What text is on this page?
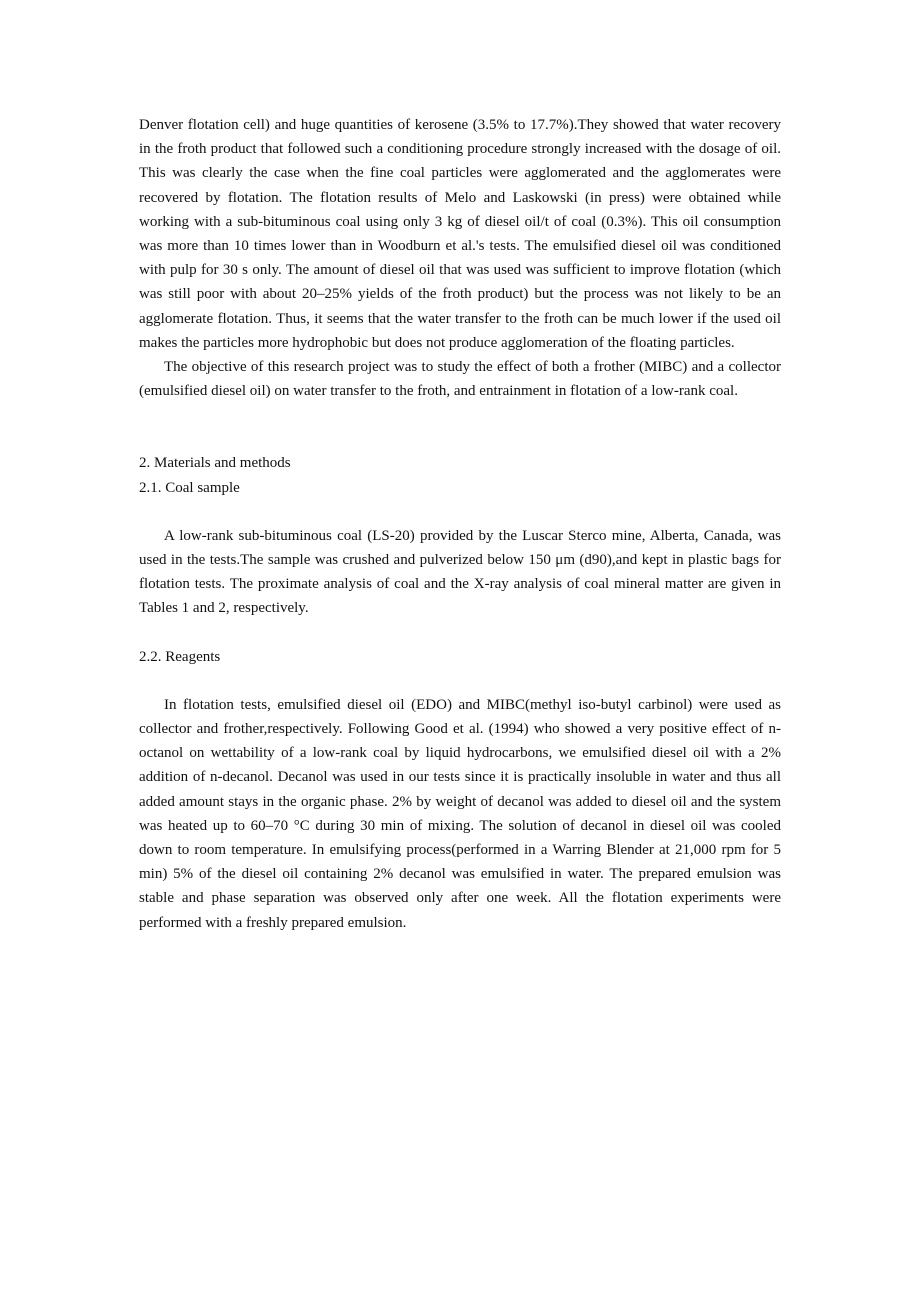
Denver flotation cell) and huge quantities of kerosene (3.5% to 17.7%).They showed that water recovery in the froth product that followed such a conditioning procedure strongly increased with the dosage of oil. This was clearly the case when the fine coal particles were agglomerated and the agglomerates were recovered by flotation. The flotation results of Melo and Laskowski (in press) were obtained while working with a sub-bituminous coal using only 3 kg of diesel oil/t of coal (0.3%). This oil consumption was more than 10 times lower than in Woodburn et al.'s tests. The emulsified diesel oil was conditioned with pulp for 30 s only. The amount of diesel oil that was used was sufficient to improve flotation (which was still poor with about 20–25% yields of the froth product) but the process was not likely to be an agglomerate flotation. Thus, it seems that the water transfer to the froth can be much lower if the used oil makes the particles more hydrophobic but does not produce agglomeration of the floating particles.

The objective of this research project was to study the effect of both a frother (MIBC) and a collector (emulsified diesel oil) on water transfer to the froth, and entrainment in flotation of a low-rank coal.

2. Materials and methods
2.1. Coal sample

A low-rank sub-bituminous coal (LS-20) provided by the Luscar Sterco mine, Alberta, Canada, was used in the tests.The sample was crushed and pulverized below 150 μm (d90),and kept in plastic bags for flotation tests. The proximate analysis of coal and the X-ray analysis of coal mineral matter are given in Tables 1 and 2, respectively.

2.2. Reagents

In flotation tests, emulsified diesel oil (EDO) and MIBC(methyl iso-butyl carbinol) were used as collector and frother,respectively. Following Good et al. (1994) who showed a very positive effect of n-octanol on wettability of a low-rank coal by liquid hydrocarbons, we emulsified diesel oil with a 2% addition of n-decanol. Decanol was used in our tests since it is practically insoluble in water and thus all added amount stays in the organic phase. 2% by weight of decanol was added to diesel oil and the system was heated up to 60–70 °C during 30 min of mixing. The solution of decanol in diesel oil was cooled down to room temperature. In emulsifying process(performed in a Warring Blender at 21,000 rpm for 5 min) 5% of the diesel oil containing 2% decanol was emulsified in water. The prepared emulsion was stable and phase separation was observed only after one week. All the flotation experiments were performed with a freshly prepared emulsion.
